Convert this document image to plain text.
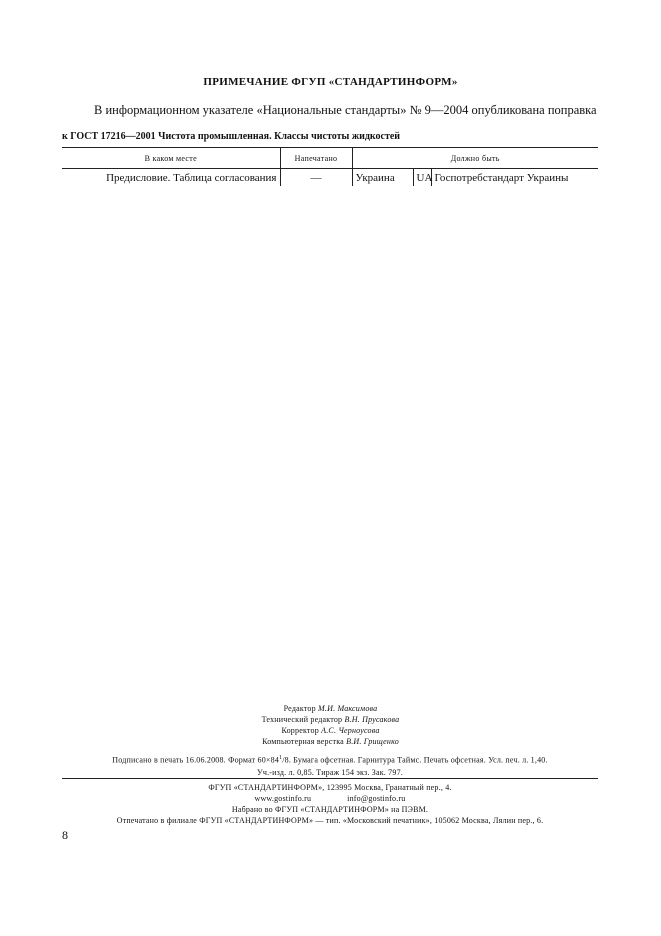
ПРИМЕЧАНИЕ ФГУП «СТАНДАРТИНФОРМ»
В информационном указателе «Национальные стандарты» № 9—2004 опубликована поправка
к ГОСТ 17216—2001 Чистота промышленная. Классы чистоты жидкостей
В каком месте	Напечатано	Должно быть		
Предисловие. Таблица согласования	—	Украина	UA	Госпотребстандарт Украины
Редактор М.И. Максимова
Технический редактор В.Н. Прусакова
Корректор А.С. Черноусова
Компьютерная верстка В.И. Грищенко
Подписано в печать 16.06.2008. Формат $60\times 84^1/8$. Бумага офсетная. Гарнитура Таймс. Печать офсетная. Усл. печ. л. 1,40.
Уч.-изд. л. 0,85. Тираж 154 экз. Зак. 797.
ФГУП «СТАНДАРТИНФОРМ», 123995 Москва, Гранатный пер., 4.
www.gostinfo.ru	info@gostinfo.ru
Набрано во ФГУП «СТАНДАРТИНФОРМ» на ПЭВМ.
Отпечатано в филиале ФГУП «СТАНДАРТИНФОРМ» — тип. «Московский печатник», 105062 Москва, Лялин пер., 6.
8
